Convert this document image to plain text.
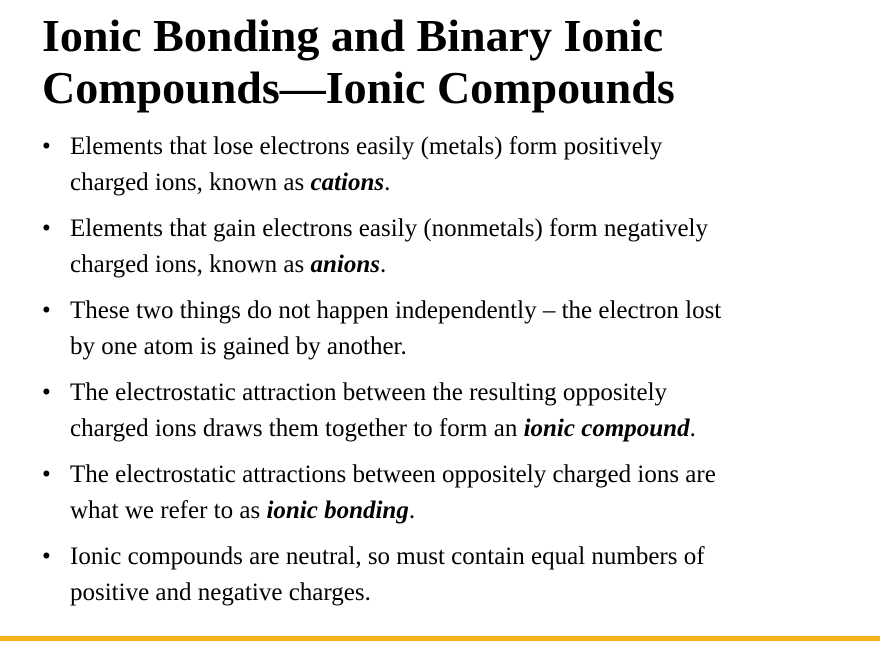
Ionic Bonding and Binary Ionic
Compounds—Ionic Compounds
• Elements that lose electrons easily (metals) form positively
charged ions, known as cations.
• Elements that gain electrons easily (nonmetals) form negatively
charged ions, known as anions.
• These two things do not happen independently – the electron lost
by one atom is gained by another.
• The electrostatic attraction between the resulting oppositely
charged ions draws them together to form an ionic compound.
• The electrostatic attractions between oppositely charged ions are
what we refer to as ionic bonding.
• Ionic compounds are neutral, so must contain equal numbers of
positive and negative charges.
